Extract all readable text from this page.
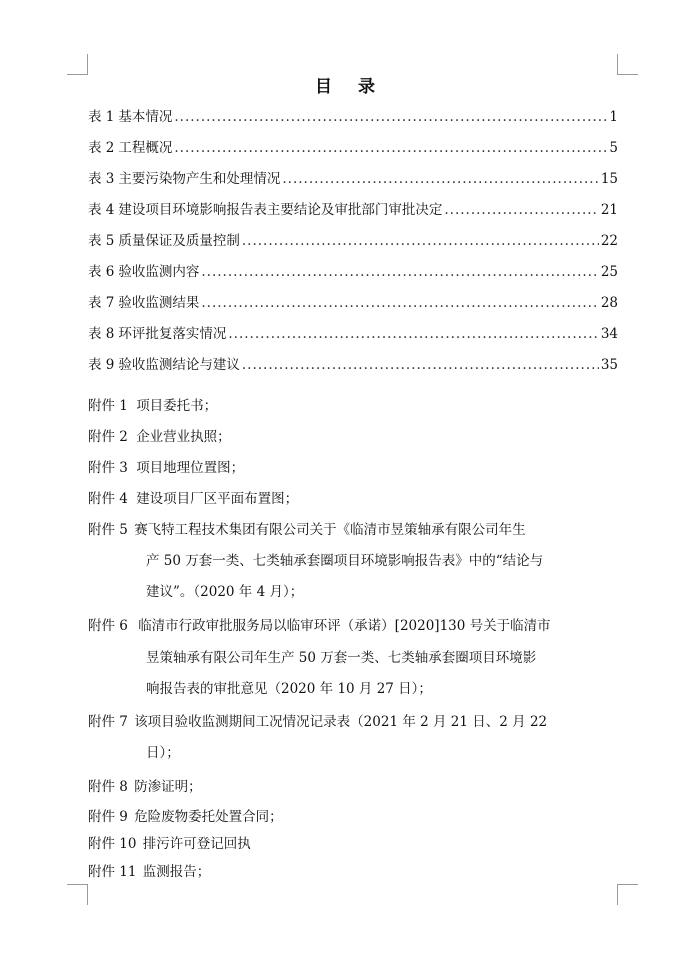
目 录
表 1 基本情况 .....	1
表 2 工程概况 .....	5
表 3 主要污染物产生和处理情况 .....	15
表 4 建设项目环境影响报告表主要结论及审批部门审批决定 .....	21
表 5 质量保证及质量控制 .....	22
表 6 验收监测内容 .....	25
表 7 验收监测结果 .....	28
表 8 环评批复落实情况 .....	34
表 9 验收监测结论与建议 .....	35
附件 1 项目委托书；
附件 2 企业营业执照；
附件 3 项目地理位置图；
附件 4 建设项目厂区平面布置图；
附件 5 赛飞特工程技术集团有限公司关于《临清市昱策轴承有限公司年生
产 50 万套一类、七类轴承套圈项目环境影响报告表》中的“结论与
建议”。（2020 年 4 月）；
附件 6 临清市行政审批服务局以临审环评（承诺）[2020]130 号关于临清市
昱策轴承有限公司年生产 50 万套一类、七类轴承套圈项目环境影
响报告表的审批意见（2020 年 10 月 27 日）；
附件 7 该项目验收监测期间工况情况记录表（2021 年 2 月 21 日、2 月 22
日）；
附件 8 防渗证明；
附件 9 危险废物委托处置合同；
附件 10 排污许可登记回执
附件 11 监测报告；
